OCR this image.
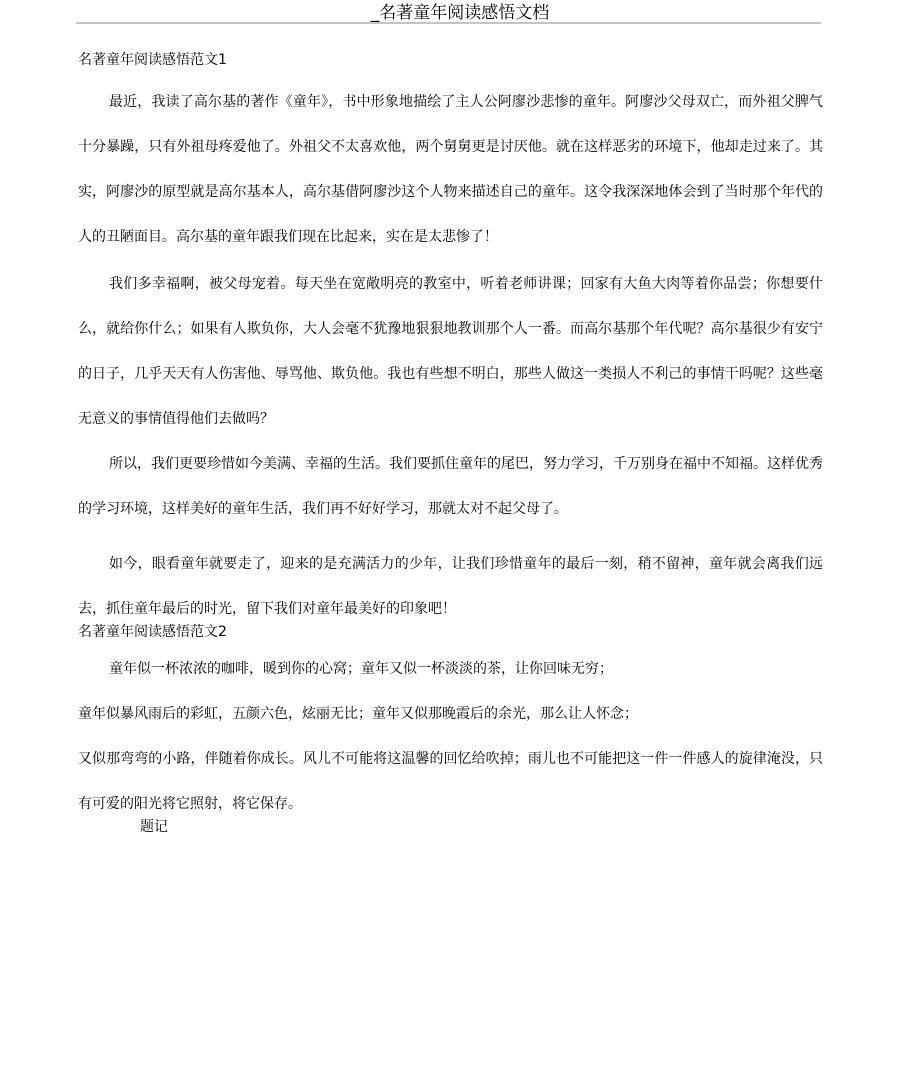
_名著童年阅读感悟文档
名著童年阅读感悟范文1
最近，我读了高尔基的著作《童年》，书中形象地描绘了主人公阿廖沙悲惨的童年。阿廖沙父母双亡，而外祖父脾气十分暴躁，只有外祖母疼爱他了。外祖父不太喜欢他，两个舅舅更是讨厌他。就在这样恶劣的环境下，他却走过来了。其实，阿廖沙的原型就是高尔基本人，高尔基借阿廖沙这个人物来描述自己的童年。这令我深深地体会到了当时那个年代的人的丑陋面目。高尔基的童年跟我们现在比起来，实在是太悲惨了！
我们多幸福啊，被父母宠着。每天坐在宽敞明亮的教室中，听着老师讲课；回家有大鱼大肉等着你品尝；你想要什么，就给你什么；如果有人欺负你，大人会毫不犹豫地狠狠地教训那个人一番。而高尔基那个年代呢？高尔基很少有安宁的日子，几乎天天有人伤害他、辱骂他、欺负他。我也有些想不明白，那些人做这一类损人不利己的事情干吗呢？这些毫无意义的事情值得他们去做吗？
所以，我们更要珍惜如今美满、幸福的生活。我们要抓住童年的尾巴，努力学习，千万别身在福中不知福。这样优秀的学习环境，这样美好的童年生活，我们再不好好学习，那就太对不起父母了。
如今，眼看童年就要走了，迎来的是充满活力的少年，让我们珍惜童年的最后一刻，稍不留神，童年就会离我们远去，抓住童年最后的时光，留下我们对童年最美好的印象吧！
名著童年阅读感悟范文2
童年似一杯浓浓的咖啡，暖到你的心窝；童年又似一杯淡淡的茶，让你回味无穷；
童年似暴风雨后的彩虹，五颜六色，炫丽无比；童年又似那晚霞后的余光，那么让人怀念；
又似那弯弯的小路，伴随着你成长。风儿不可能将这温馨的回忆给吹掉；雨儿也不可能把这一件一件感人的旋律淹没，只有可爱的阳光将它照射，将它保存。
题记
